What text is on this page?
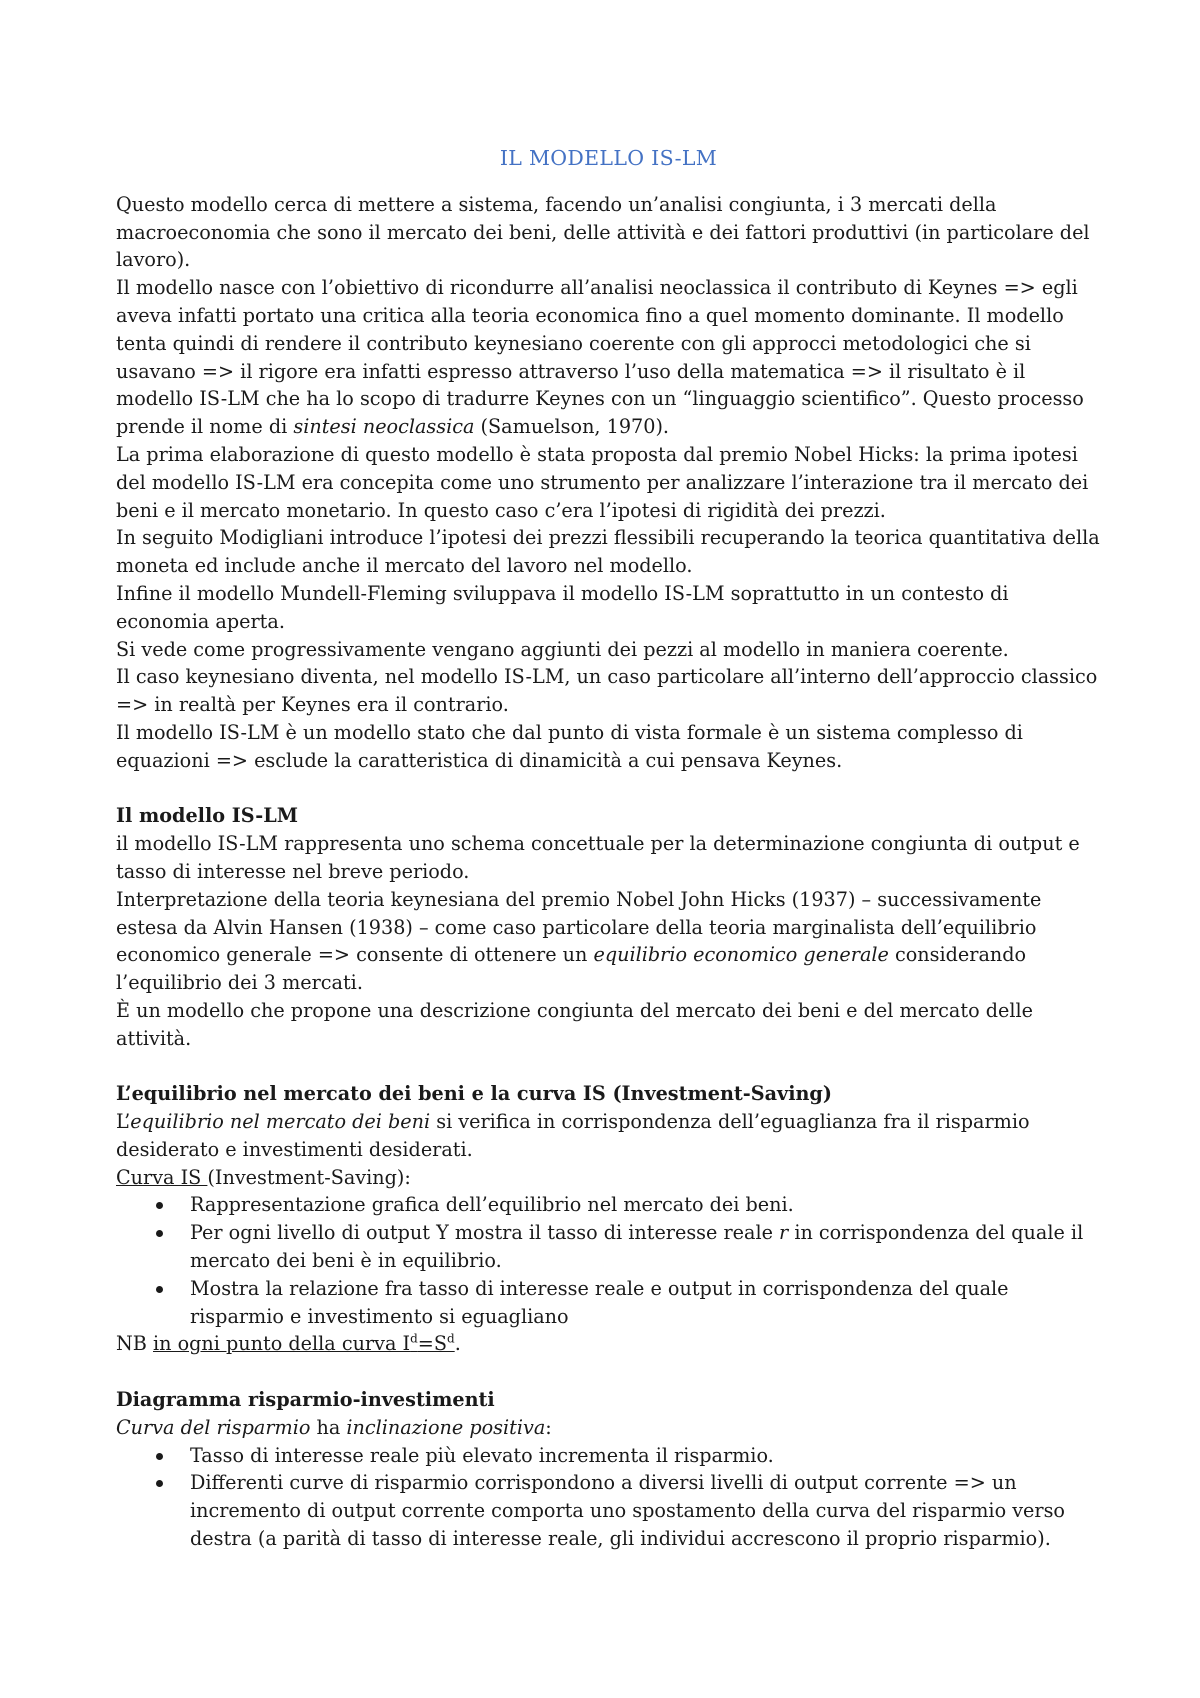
IL MODELLO IS-LM

Questo modello cerca di mettere a sistema, facendo un’analisi congiunta, i 3 mercati della macroeconomia che sono il mercato dei beni, delle attività e dei fattori produttivi (in particolare del lavoro).

Il modello nasce con l’obiettivo di ricondurre all’analisi neoclassica il contributo di Keynes => egli aveva infatti portato una critica alla teoria economica fino a quel momento dominante. Il modello tenta quindi di rendere il contributo keynesiano coerente con gli approcci metodologici che si usavano => il rigore era infatti espresso attraverso l’uso della matematica => il risultato è il modello IS-LM che ha lo scopo di tradurre Keynes con un “linguaggio scientifico”. Questo processo prende il nome di sintesi neoclassica (Samuelson, 1970).

La prima elaborazione di questo modello è stata proposta dal premio Nobel Hicks: la prima ipotesi del modello IS-LM era concepita come uno strumento per analizzare l’interazione tra il mercato dei beni e il mercato monetario. In questo caso c’era l’ipotesi di rigidità dei prezzi.

In seguito Modigliani introduce l’ipotesi dei prezzi flessibili recuperando la teorica quantitativa della moneta ed include anche il mercato del lavoro nel modello.

Infine il modello Mundell-Fleming sviluppava il modello IS-LM soprattutto in un contesto di economia aperta.

Si vede come progressivamente vengano aggiunti dei pezzi al modello in maniera coerente.

Il caso keynesiano diventa, nel modello IS-LM, un caso particolare all’interno dell’approccio classico => in realtà per Keynes era il contrario.

Il modello IS-LM è un modello stato che dal punto di vista formale è un sistema complesso di equazioni => esclude la caratteristica di dinamicità a cui pensava Keynes.

Il modello IS-LM

il modello IS-LM rappresenta uno schema concettuale per la determinazione congiunta di output e tasso di interesse nel breve periodo.

Interpretazione della teoria keynesiana del premio Nobel John Hicks (1937) – successivamente estesa da Alvin Hansen (1938) – come caso particolare della teoria marginalista dell’equilibrio economico generale => consente di ottenere un equilibrio economico generale considerando l’equilibrio dei 3 mercati.

È un modello che propone una descrizione congiunta del mercato dei beni e del mercato delle attività.

L’equilibrio nel mercato dei beni e la curva IS (Investment-Saving)

L’equilibrio nel mercato dei beni si verifica in corrispondenza dell’eguaglianza fra il risparmio desiderato e investimenti desiderati.

Curva IS (Investment-Saving):

Rappresentazione grafica dell’equilibrio nel mercato dei beni.
Per ogni livello di output Y mostra il tasso di interesse reale r in corrispondenza del quale il mercato dei beni è in equilibrio.
Mostra la relazione fra tasso di interesse reale e output in corrispondenza del quale risparmio e investimento si eguagliano

NB in ogni punto della curva $I^d=S^d$.

Diagramma risparmio-investimenti

Curva del risparmio ha inclinazione positiva:

Tasso di interesse reale più elevato incrementa il risparmio.
Differenti curve di risparmio corrispondono a diversi livelli di output corrente => un incremento di output corrente comporta uno spostamento della curva del risparmio verso destra (a parità di tasso di interesse reale, gli individui accrescono il proprio risparmio).
